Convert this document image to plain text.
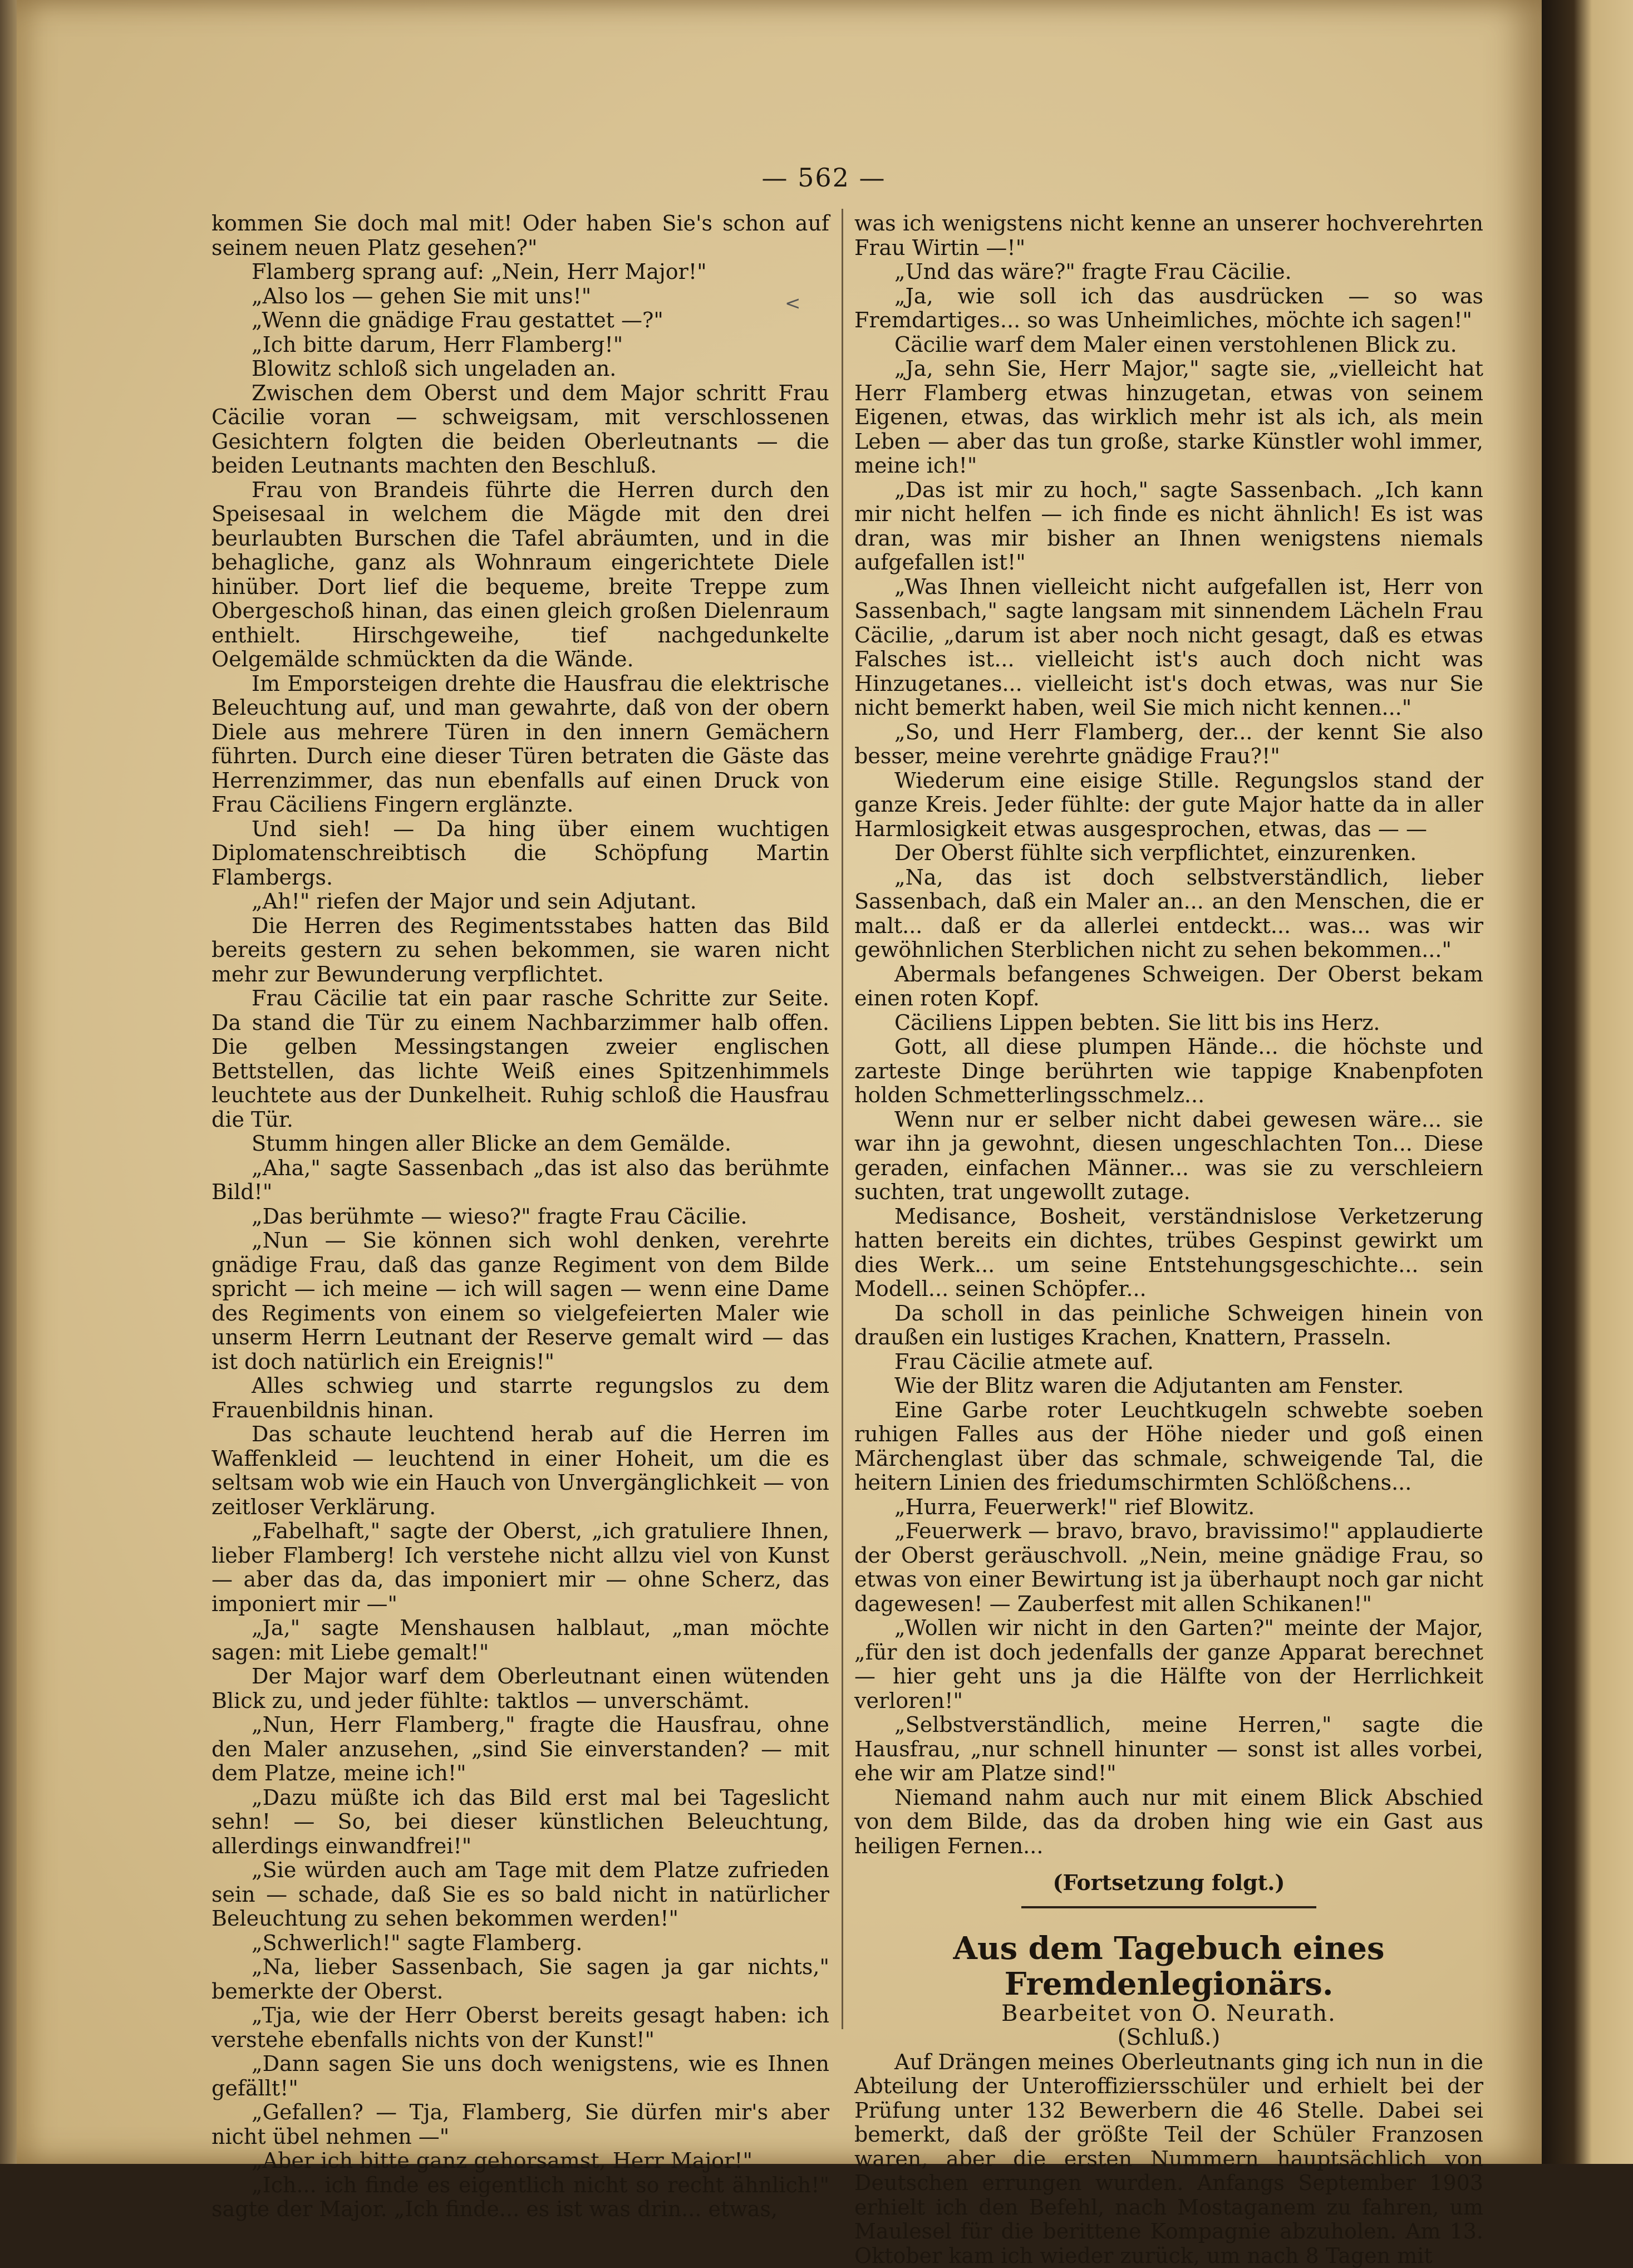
— 562 —
<

kommen Sie doch mal mit! Oder haben Sie's schon auf seinem neuen Platz gesehen?"

Flamberg sprang auf: „Nein, Herr Major!"

„Also los — gehen Sie mit uns!"

„Wenn die gnädige Frau gestattet —?"

„Ich bitte darum, Herr Flamberg!"

Blowitz schloß sich ungeladen an.

Zwischen dem Oberst und dem Major schritt Frau Cäcilie voran — schweigsam, mit verschlossenen Gesichtern folgten die beiden Oberleutnants — die beiden Leutnants machten den Beschluß.

Frau von Brandeis führte die Herren durch den Speisesaal in welchem die Mägde mit den drei beurlaubten Burschen die Tafel abräumten, und in die behagliche, ganz als Wohnraum eingerichtete Diele hinüber. Dort lief die bequeme, breite Treppe zum Obergeschoß hinan, das einen gleich großen Dielenraum enthielt. Hirschgeweihe, tief nachgedunkelte Oelgemälde schmückten da die Wände.

Im Emporsteigen drehte die Hausfrau die elektrische Beleuchtung auf, und man gewahrte, daß von der obern Diele aus mehrere Türen in den innern Gemächern führten. Durch eine dieser Türen betraten die Gäste das Herrenzimmer, das nun ebenfalls auf einen Druck von Frau Cäciliens Fingern erglänzte.

Und sieh! — Da hing über einem wuchtigen Diplomatenschreibtisch die Schöpfung Martin Flambergs.

„Ah!" riefen der Major und sein Adjutant.

Die Herren des Regimentsstabes hatten das Bild bereits gestern zu sehen bekommen, sie waren nicht mehr zur Bewunderung verpflichtet.

Frau Cäcilie tat ein paar rasche Schritte zur Seite. Da stand die Tür zu einem Nachbarzimmer halb offen. Die gelben Messingstangen zweier englischen Bettstellen, das lichte Weiß eines Spitzenhimmels leuchtete aus der Dunkelheit. Ruhig schloß die Hausfrau die Tür.

Stumm hingen aller Blicke an dem Gemälde.

„Aha," sagte Sassenbach „das ist also das berühmte Bild!"

„Das berühmte — wieso?" fragte Frau Cäcilie.

„Nun — Sie können sich wohl denken, verehrte gnädige Frau, daß das ganze Regiment von dem Bilde spricht — ich meine — ich will sagen — wenn eine Dame des Regiments von einem so vielgefeierten Maler wie unserm Herrn Leutnant der Reserve gemalt wird — das ist doch natürlich ein Ereignis!"

Alles schwieg und starrte regungslos zu dem Frauenbildnis hinan.

Das schaute leuchtend herab auf die Herren im Waffenkleid — leuchtend in einer Hoheit, um die es seltsam wob wie ein Hauch von Unvergänglichkeit — von zeitloser Verklärung.

„Fabelhaft," sagte der Oberst, „ich gratuliere Ihnen, lieber Flamberg! Ich verstehe nicht allzu viel von Kunst — aber das da, das imponiert mir — ohne Scherz, das imponiert mir —"

„Ja," sagte Menshausen halblaut, „man möchte sagen: mit Liebe gemalt!"

Der Major warf dem Oberleutnant einen wütenden Blick zu, und jeder fühlte: taktlos — unverschämt.

„Nun, Herr Flamberg," fragte die Hausfrau, ohne den Maler anzusehen, „sind Sie einverstanden? — mit dem Platze, meine ich!"

„Dazu müßte ich das Bild erst mal bei Tageslicht sehn! — So, bei dieser künstlichen Beleuchtung, allerdings einwandfrei!"

„Sie würden auch am Tage mit dem Platze zufrieden sein — schade, daß Sie es so bald nicht in natürlicher Beleuchtung zu sehen bekommen werden!"

„Schwerlich!" sagte Flamberg.

„Na, lieber Sassenbach, Sie sagen ja gar nichts," bemerkte der Oberst.

„Tja, wie der Herr Oberst bereits gesagt haben: ich verstehe ebenfalls nichts von der Kunst!"

„Dann sagen Sie uns doch wenigstens, wie es Ihnen gefällt!"

„Gefallen? — Tja, Flamberg, Sie dürfen mir's aber nicht übel nehmen —"

„Aber ich bitte ganz gehorsamst, Herr Major!"

„Ich... ich finde es eigentlich nicht so recht ähnlich!" sagte der Major. „Ich finde... es ist was drin... etwas,

was ich wenigstens nicht kenne an unserer hochverehrten Frau Wirtin —!"

„Und das wäre?" fragte Frau Cäcilie.

„Ja, wie soll ich das ausdrücken — so was Fremdartiges... so was Unheimliches, möchte ich sagen!"

Cäcilie warf dem Maler einen verstohlenen Blick zu.

„Ja, sehn Sie, Herr Major," sagte sie, „vielleicht hat Herr Flamberg etwas hinzugetan, etwas von seinem Eigenen, etwas, das wirklich mehr ist als ich, als mein Leben — aber das tun große, starke Künstler wohl immer, meine ich!"

„Das ist mir zu hoch," sagte Sassenbach. „Ich kann mir nicht helfen — ich finde es nicht ähnlich! Es ist was dran, was mir bisher an Ihnen wenigstens niemals aufgefallen ist!"

„Was Ihnen vielleicht nicht aufgefallen ist, Herr von Sassenbach," sagte langsam mit sinnendem Lächeln Frau Cäcilie, „darum ist aber noch nicht gesagt, daß es etwas Falsches ist... vielleicht ist's auch doch nicht was Hinzugetanes... vielleicht ist's doch etwas, was nur Sie nicht bemerkt haben, weil Sie mich nicht kennen..."

„So, und Herr Flamberg, der... der kennt Sie also besser, meine verehrte gnädige Frau?!"

Wiederum eine eisige Stille. Regungslos stand der ganze Kreis. Jeder fühlte: der gute Major hatte da in aller Harmlosigkeit etwas ausgesprochen, etwas, das — —

Der Oberst fühlte sich verpflichtet, einzurenken.

„Na, das ist doch selbstverständlich, lieber Sassenbach, daß ein Maler an... an den Menschen, die er malt... daß er da allerlei entdeckt... was... was wir gewöhnlichen Sterblichen nicht zu sehen bekommen..."

Abermals befangenes Schweigen. Der Oberst bekam einen roten Kopf.

Cäciliens Lippen bebten. Sie litt bis ins Herz.

Gott, all diese plumpen Hände... die höchste und zarteste Dinge berührten wie tappige Knabenpfoten holden Schmetterlingsschmelz...

Wenn nur er selber nicht dabei gewesen wäre... sie war ihn ja gewohnt, diesen ungeschlachten Ton... Diese geraden, einfachen Männer... was sie zu verschleiern suchten, trat ungewollt zutage.

Medisance, Bosheit, verständnislose Verketzerung hatten bereits ein dichtes, trübes Gespinst gewirkt um dies Werk... um seine Entstehungsgeschichte... sein Modell... seinen Schöpfer...

Da scholl in das peinliche Schweigen hinein von draußen ein lustiges Krachen, Knattern, Prasseln.

Frau Cäcilie atmete auf.

Wie der Blitz waren die Adjutanten am Fenster.

Eine Garbe roter Leuchtkugeln schwebte soeben ruhigen Falles aus der Höhe nieder und goß einen Märchenglast über das schmale, schweigende Tal, die heitern Linien des friedumschirmten Schlößchens...

„Hurra, Feuerwerk!" rief Blowitz.

„Feuerwerk — bravo, bravo, bravissimo!" applaudierte der Oberst geräuschvoll. „Nein, meine gnädige Frau, so etwas von einer Bewirtung ist ja überhaupt noch gar nicht dagewesen! — Zauberfest mit allen Schikanen!"

„Wollen wir nicht in den Garten?" meinte der Major, „für den ist doch jedenfalls der ganze Apparat berechnet — hier geht uns ja die Hälfte von der Herrlichkeit verloren!"

„Selbstverständlich, meine Herren," sagte die Hausfrau, „nur schnell hinunter — sonst ist alles vorbei, ehe wir am Platze sind!"

Niemand nahm auch nur mit einem Blick Abschied von dem Bilde, das da droben hing wie ein Gast aus heiligen Fernen...

(Fortsetzung folgt.)

Aus dem Tagebuch eines Fremdenlegionärs.

Bearbeitet von O. Neurath.

(Schluß.)

Auf Drängen meines Oberleutnants ging ich nun in die Abteilung der Unteroffiziersschüler und erhielt bei der Prüfung unter 132 Bewerbern die 46 Stelle. Dabei sei bemerkt, daß der größte Teil der Schüler Franzosen waren, aber die ersten Nummern hauptsächlich von Deutschen errungen wurden. Anfangs September 1903 erhielt ich den Befehl, nach Mostaganem zu fahren, um Maulesel für die berittene Kompagnie abzuholen. Am 13. Oktober kam ich wieder zurück, um nach 8 Tagen mit
